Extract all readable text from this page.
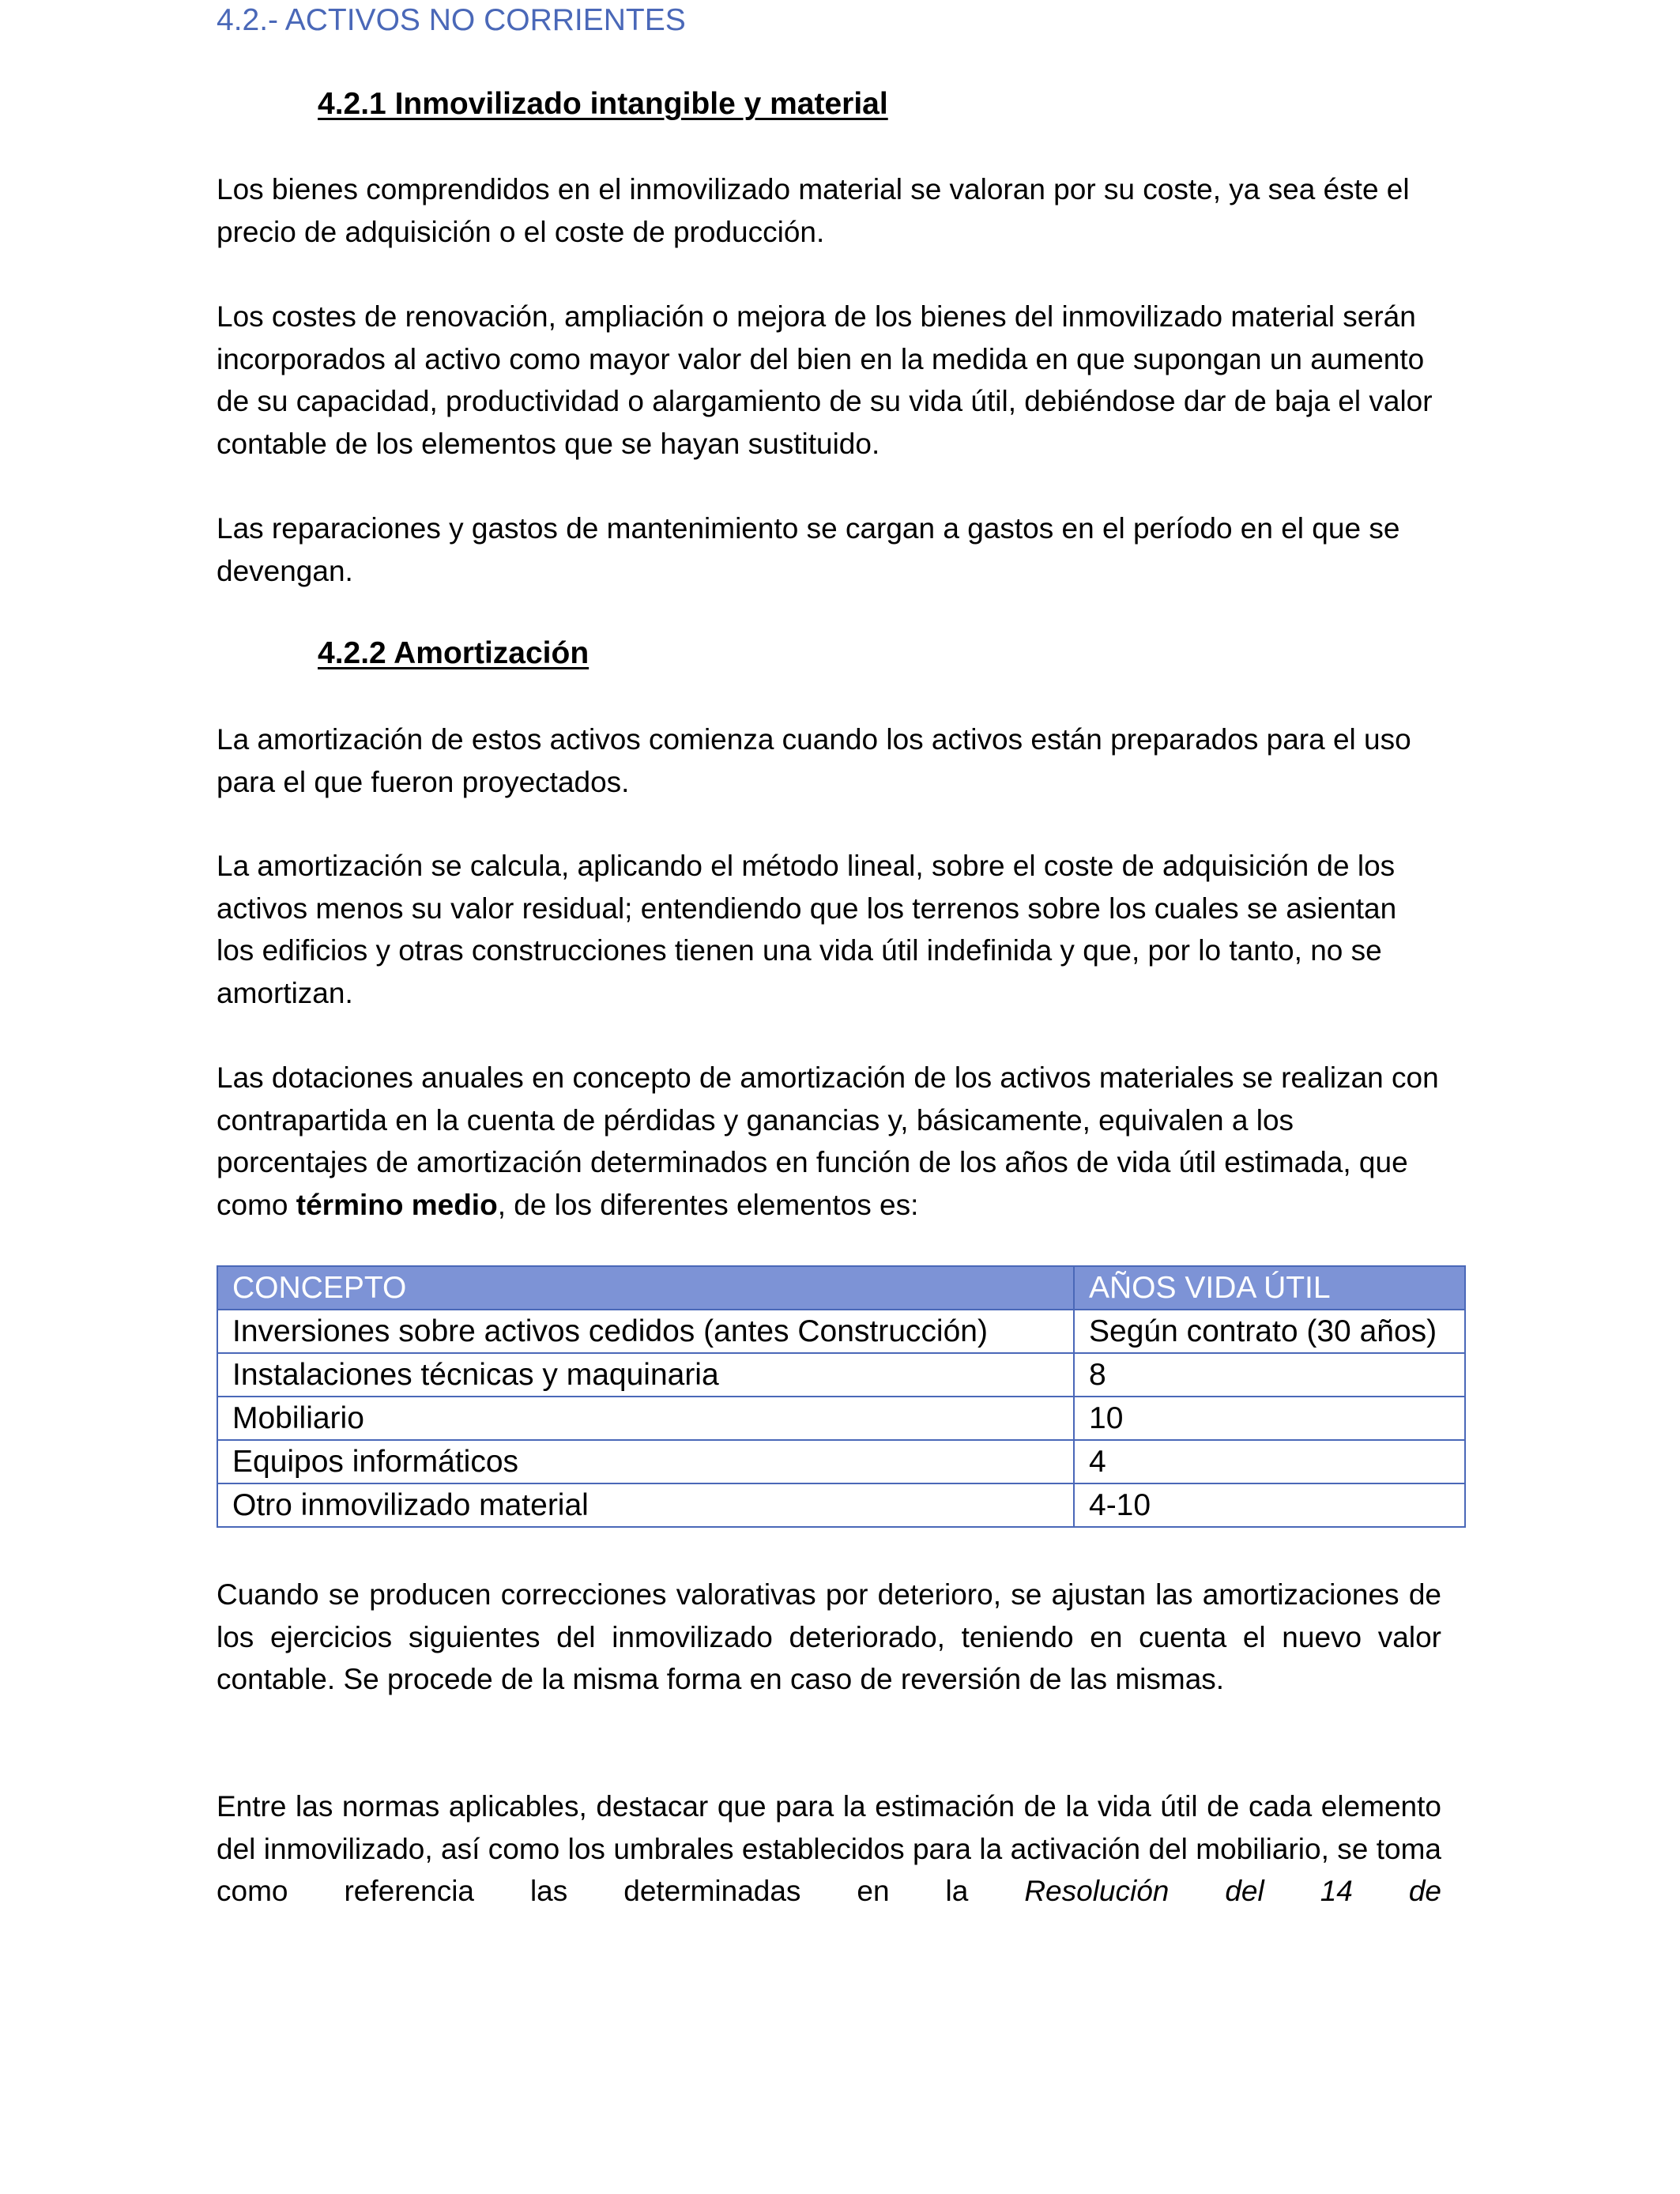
4.2.- ACTIVOS NO CORRIENTES
4.2.1 Inmovilizado intangible y material

Los bienes comprendidos en el inmovilizado material se valoran por su coste, ya sea éste el precio de adquisición o el coste de producción.

Los costes de renovación, ampliación o mejora de los bienes del inmovilizado material serán incorporados al activo como mayor valor del bien en la medida en que supongan un aumento de su capacidad, productividad o alargamiento de su vida útil, debiéndose dar de baja el valor contable de los elementos que se hayan sustituido.

Las reparaciones y gastos de mantenimiento se cargan a gastos en el período en el que se devengan.

4.2.2 Amortización

La amortización de estos activos comienza cuando los activos están preparados para el uso para el que fueron proyectados.

La amortización se calcula, aplicando el método lineal, sobre el coste de adquisición de los activos menos su valor residual; entendiendo que los terrenos sobre los cuales se asientan los edificios y otras construcciones tienen una vida útil indefinida y que, por lo tanto, no se amortizan.

Las dotaciones anuales en concepto de amortización de los activos materiales se realizan con contrapartida en la cuenta de pérdidas y ganancias y, básicamente, equivalen a los porcentajes de amortización determinados en función de los años de vida útil estimada, que como término medio, de los diferentes elementos es:

CONCEPTO	AÑOS VIDA ÚTIL
Inversiones sobre activos cedidos (antes Construcción)	Según contrato (30 años)
Instalaciones técnicas y maquinaria	8
Mobiliario	10
Equipos informáticos	4
Otro inmovilizado material	4-10

Cuando se producen correcciones valorativas por deterioro, se ajustan las amortizaciones de los ejercicios siguientes del inmovilizado deteriorado, teniendo en cuenta el nuevo valor contable. Se procede de la misma forma en caso de reversión de las mismas.

Entre las normas aplicables, destacar que para la estimación de la vida útil de cada elemento del inmovilizado, así como los umbrales establecidos para la activación del mobiliario, se toma como referencia las determinadas en la Resolución del 14 de
